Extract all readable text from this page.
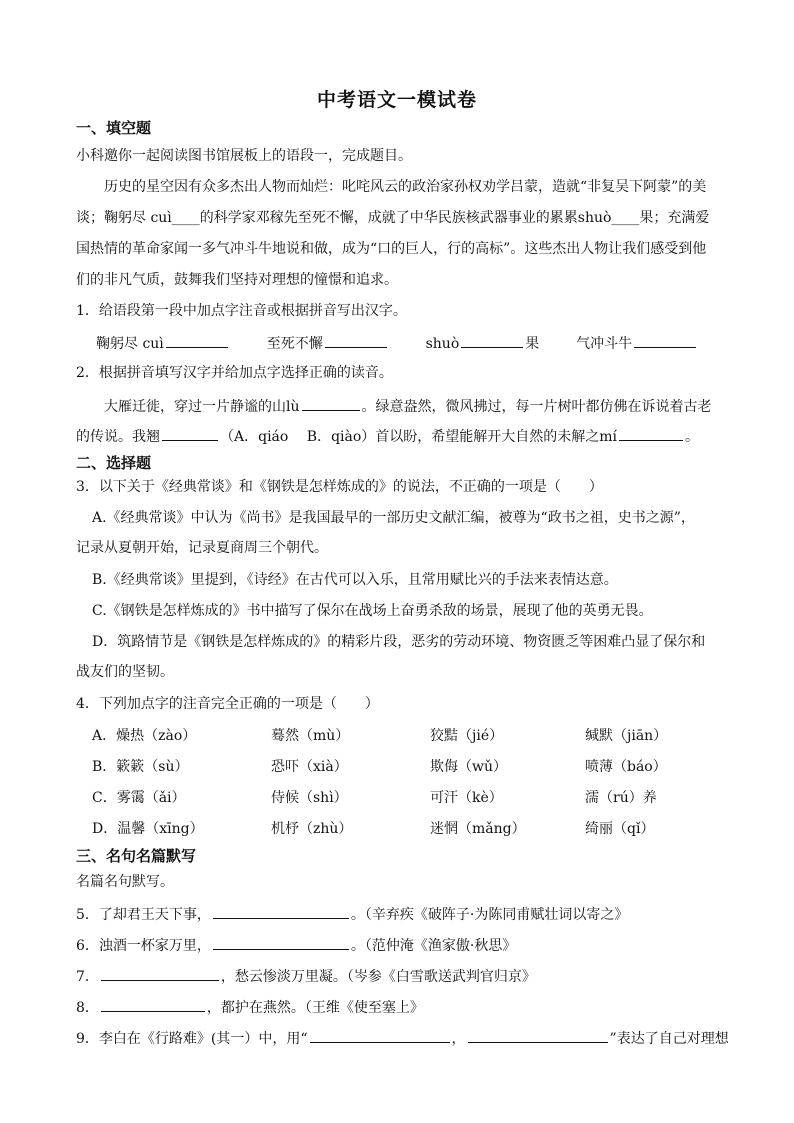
中考语文一模试卷
一、填空题
小科邀你一起阅读图书馆展板上的语段一，完成题目。
历史的星空因有众多杰出人物而灿烂：叱咤风云的政治家孙权劝学吕蒙，造就“非复吴下阿蒙”的美
谈；鞠躬尽 cuì____的科学家邓稼先至死不懈，成就了中华民族核武器事业的累累shuò____果；充满爱
国热情的革命家闻一多气冲斗牛地说和做，成为“口的巨人，行的高标”。这些杰出人物让我们感受到他
们的非凡气质，鼓舞我们坚持对理想的憧憬和追求。
1．给语段第一段中加点字注音或根据拼音写出汉字。
鞠躬尽 cuì	至死不懈	shuò	果	气冲斗牛
2．根据拼音填写汉字并给加点字选择正确的读音。
大雁迁徙，穿过一片静谧的山lù	。绿意盎然，微风拂过，每一片树叶都仿佛在诉说着古老
的传说。我翘	（A．qiáo　 B．qiào）首以盼，希望能解开大自然的未解之mí	。
二、选择题
3．以下关于《经典常谈》和《钢铁是怎样炼成的》的说法，不正确的一项是（　　）
A.《经典常谈》中认为《尚书》是我国最早的一部历史文献汇编，被尊为“政书之祖，史书之源”，
记录从夏朝开始，记录夏商周三个朝代。
B.《经典常谈》里提到，《诗经》在古代可以入乐，且常用赋比兴的手法来表情达意。
C.《钢铁是怎样炼成的》书中描写了保尔在战场上奋勇杀敌的场景，展现了他的英勇无畏。
D．筑路情节是《钢铁是怎样炼成的》的精彩片段，恶劣的劳动环境、物资匮乏等困难凸显了保尔和
战友们的坚韧。
4．下列加点字的注音完全正确的一项是（　　）
A．燥热（zào）	蓦然（mù）	狡黠（jié）	缄默（jiān）
B．簌簌（sù）	恐吓（xià）	欺侮（wǔ）	喷薄（báo）
C．雾霭（ǎi）	侍候（shì）	可汗（kè）	濡（rú）养
D．温馨（xīng）	机杼（zhù）	迷惘（mǎng）	绮丽（qǐ）
三、名句名篇默写
名篇名句默写。
5．了却君王天下事，	。（辛弃疾《破阵子·为陈同甫赋壮词以寄之》
6．浊酒一杯家万里，	。（范仲淹《渔家傲·秋思》
7．	，愁云惨淡万里凝。（岑参《白雪歌送武判官归京》
8．	，都护在燕然。（王维《使至塞上》
9．李白在《行路难》(其一）中，用“	，	”表达了自己对理想
